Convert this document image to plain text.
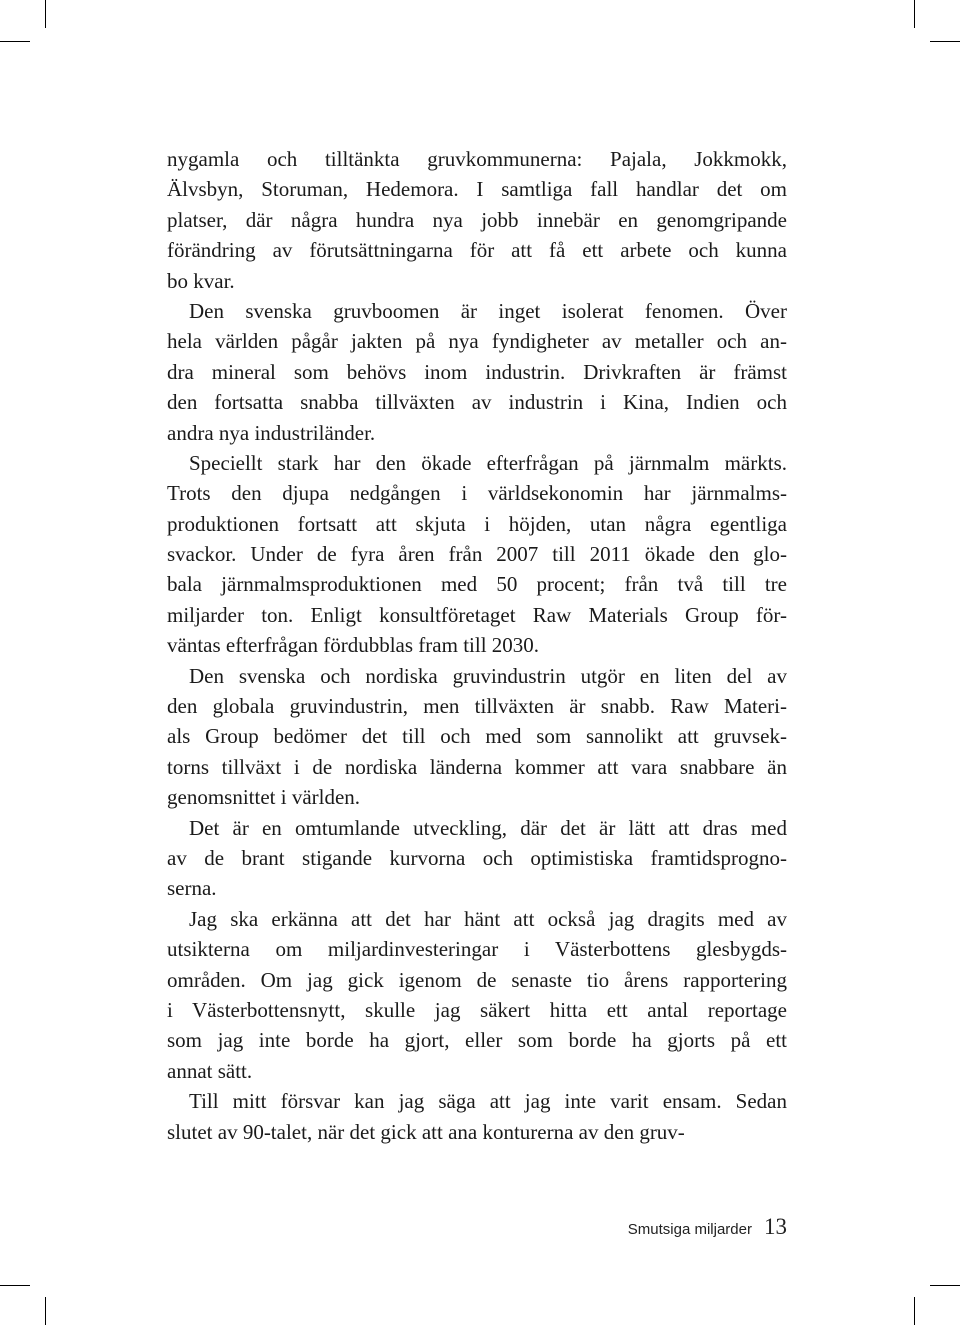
nygamla och tilltänkta gruvkommunerna: Pajala, Jokkmokk,
Älvsbyn, Storuman, Hedemora. I samtliga fall handlar det om
platser, där några hundra nya jobb innebär en genomgripande
förändring av förutsättningarna för att få ett arbete och kunna
bo kvar.
Den svenska gruvboomen är inget isolerat fenomen. Över
hela världen pågår jakten på nya fyndigheter av metaller och an-
dra mineral som behövs inom industrin. Drivkraften är främst
den fortsatta snabba tillväxten av industrin i Kina, Indien och
andra nya industriländer.
Speciellt stark har den ökade efterfrågan på järnmalm märkts.
Trots den djupa nedgången i världsekonomin har järnmalms-
produktionen fortsatt att skjuta i höjden, utan några egentliga
svackor. Under de fyra åren från 2007 till 2011 ökade den glo-
bala järnmalmsproduktionen med 50 procent; från två till tre
miljarder ton. Enligt konsultföretaget Raw Materials Group för-
väntas efterfrågan fördubblas fram till 2030.
Den svenska och nordiska gruvindustrin utgör en liten del av
den globala gruvindustrin, men tillväxten är snabb. Raw Materi-
als Group bedömer det till och med som sannolikt att gruvsek-
torns tillväxt i de nordiska länderna kommer att vara snabbare än
genomsnittet i världen.
Det är en omtumlande utveckling, där det är lätt att dras med
av de brant stigande kurvorna och optimistiska framtidsprogno-
serna.
Jag ska erkänna att det har hänt att också jag dragits med av
utsikterna om miljardinvesteringar i Västerbottens glesbygds-
områden. Om jag gick igenom de senaste tio årens rapportering
i Västerbottensnytt, skulle jag säkert hitta ett antal reportage
som jag inte borde ha gjort, eller som borde ha gjorts på ett
annat sätt.
Till mitt försvar kan jag säga att jag inte varit ensam. Sedan
slutet av 90-talet, när det gick att ana konturerna av den gruv-
Smutsiga miljarder 13
